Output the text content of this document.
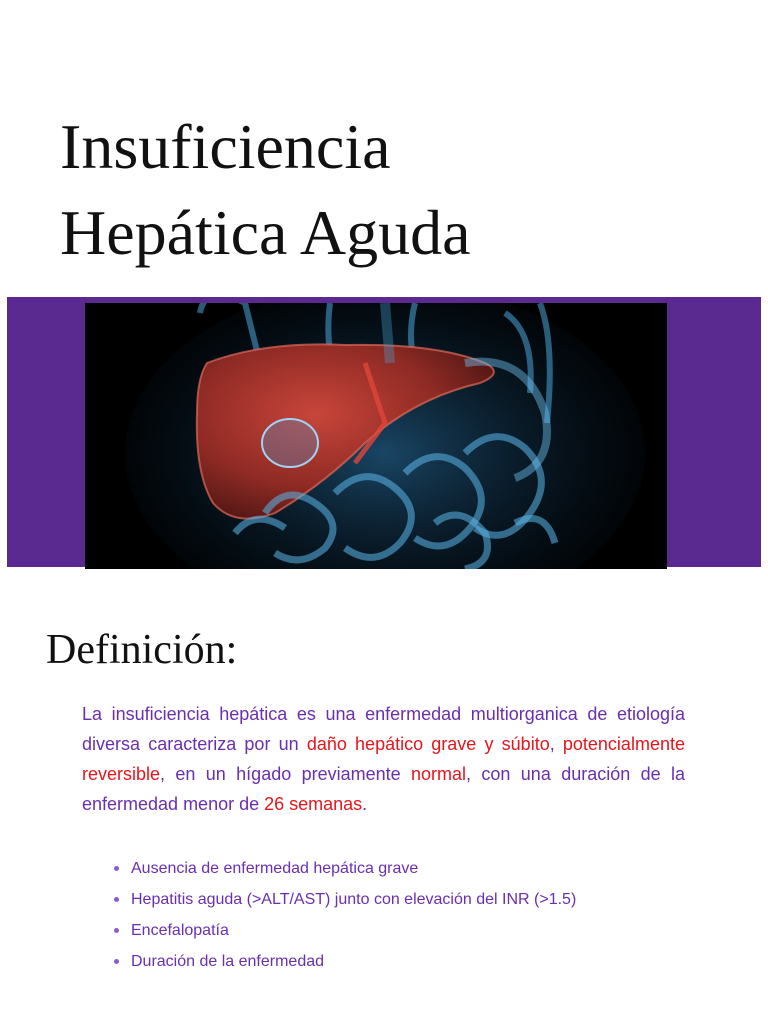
Insuficiencia
Hepática Aguda
Definición:

La insuficiencia hepática es una enfermedad multiorganica de etiología diversa caracteriza por un daño hepático grave y súbito, potencialmente reversible, en un hígado previamente normal, con una duración de la enfermedad menor de 26 semanas.

Ausencia de enfermedad hepática grave
Hepatitis aguda (>ALT/AST) junto con elevación del INR (>1.5)
Encefalopatía
Duración de la enfermedad
